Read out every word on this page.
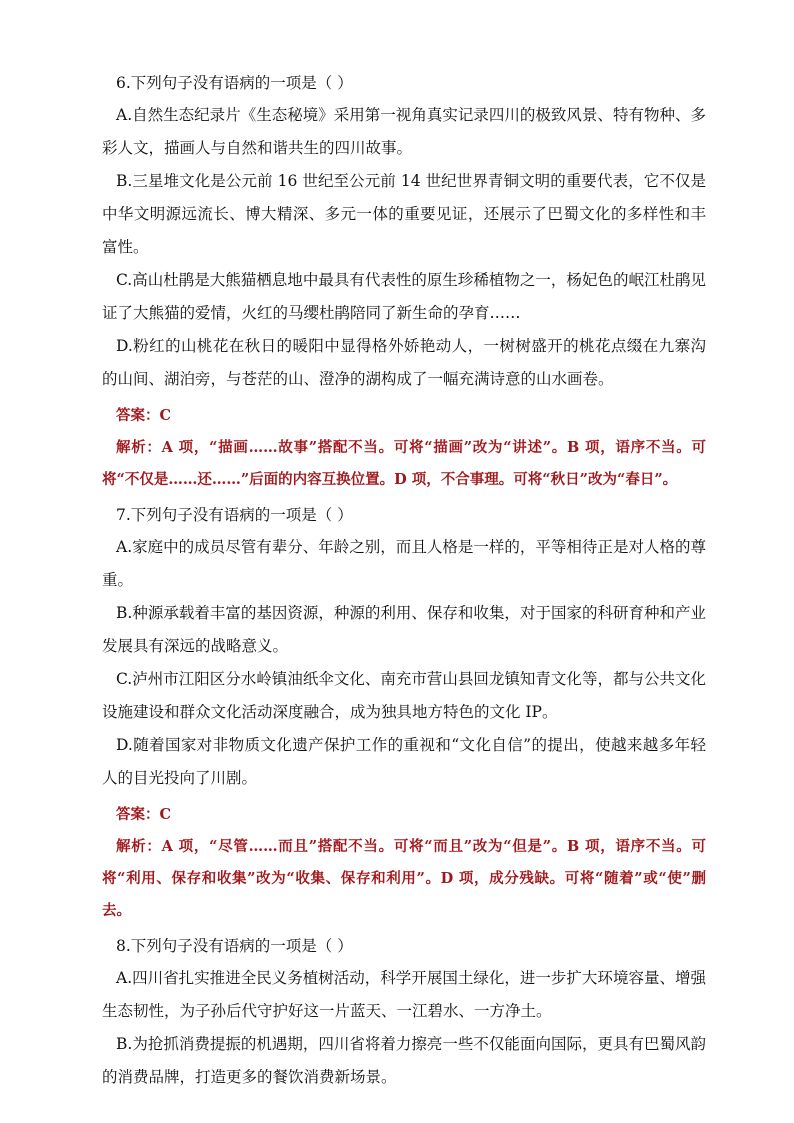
6.下列句子没有语病的一项是（ ）

A.自然生态纪录片《生态秘境》采用第一视角真实记录四川的极致风景、特有物种、多彩人文，描画人与自然和谐共生的四川故事。

B.三星堆文化是公元前 16 世纪至公元前 14 世纪世界青铜文明的重要代表，它不仅是中华文明源远流长、博大精深、多元一体的重要见证，还展示了巴蜀文化的多样性和丰富性。

C.高山杜鹃是大熊猫栖息地中最具有代表性的原生珍稀植物之一，杨妃色的岷江杜鹃见证了大熊猫的爱情，火红的马缨杜鹃陪同了新生命的孕育……

D.粉红的山桃花在秋日的暖阳中显得格外娇艳动人，一树树盛开的桃花点缀在九寨沟的山间、湖泊旁，与苍茫的山、澄净的湖构成了一幅充满诗意的山水画卷。

答案：C

解析：A 项，“描画……故事”搭配不当。可将“描画”改为“讲述”。B 项，语序不当。可将“不仅是……还……”后面的内容互换位置。D 项，不合事理。可将“秋日”改为“春日”。

7.下列句子没有语病的一项是（ ）

A.家庭中的成员尽管有辈分、年龄之别，而且人格是一样的，平等相待正是对人格的尊重。

B.种源承载着丰富的基因资源，种源的利用、保存和收集，对于国家的科研育种和产业发展具有深远的战略意义。

C.泸州市江阳区分水岭镇油纸伞文化、南充市营山县回龙镇知青文化等，都与公共文化设施建设和群众文化活动深度融合，成为独具地方特色的文化 IP。

D.随着国家对非物质文化遗产保护工作的重视和“文化自信”的提出，使越来越多年轻人的目光投向了川剧。

答案：C

解析：A 项，“尽管……而且”搭配不当。可将“而且”改为“但是”。B 项，语序不当。可将“利用、保存和收集”改为“收集、保存和利用”。D 项，成分残缺。可将“随着”或“使”删去。

8.下列句子没有语病的一项是（ ）

A.四川省扎实推进全民义务植树活动，科学开展国土绿化，进一步扩大环境容量、增强生态韧性，为子孙后代守护好这一片蓝天、一江碧水、一方净土。

B.为抢抓消费提振的机遇期，四川省将着力擦亮一些不仅能面向国际，更具有巴蜀风韵的消费品牌，打造更多的餐饮消费新场景。
